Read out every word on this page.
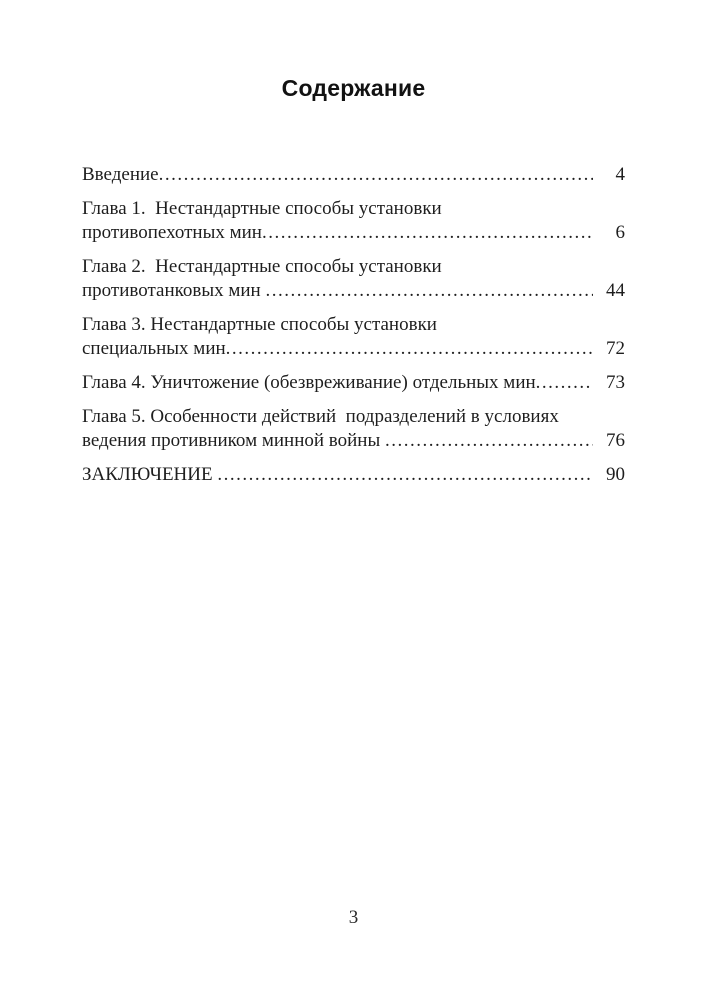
Содержание
Введение .....	4
Глава 1.  Нестандартные способы установки
противопехотных мин .....	6
Глава 2.  Нестандартные способы установки
противотанковых мин .....	44
Глава 3. Нестандартные способы установки
специальных мин .....	72
Глава 4. Уничтожение (обезвреживание) отдельных мин .....	73
Глава 5. Особенности действий  подразделений в условиях
ведения противником минной войны .....	76
ЗАКЛЮЧЕНИЕ .....	90
3
